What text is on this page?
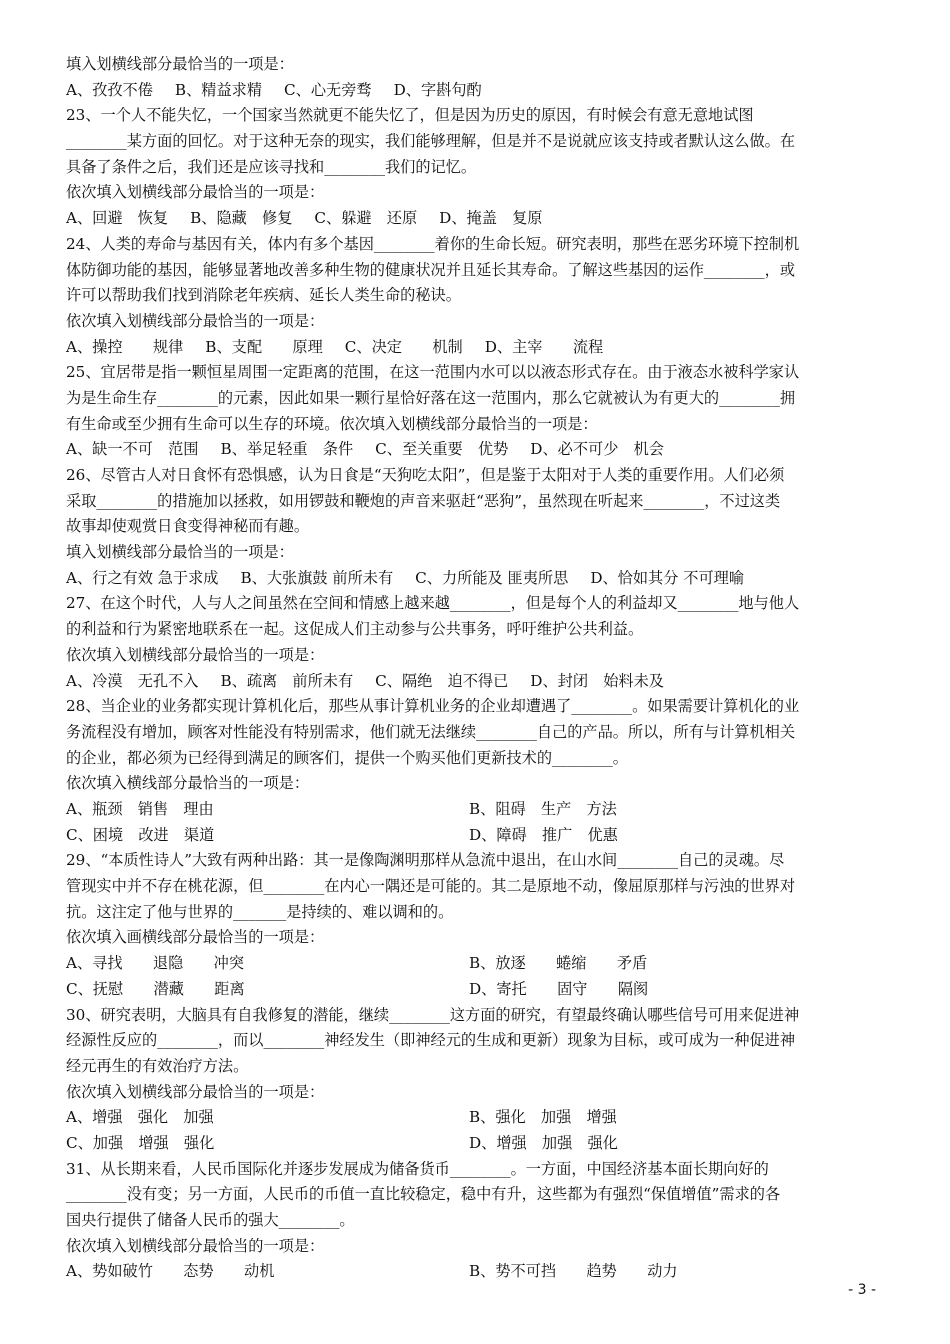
填入划横线部分最恰当的一项是：
A、孜孜不倦 B、精益求精 C、心无旁骛 D、字斟句酌
23、一个人不能失忆，一个国家当然就更不能失忆了，但是因为历史的原因，有时候会有意无意地试图
________某方面的回忆。对于这种无奈的现实，我们能够理解，但是并不是说就应该支持或者默认这么做。在
具备了条件之后，我们还是应该寻找和________我们的记忆。
依次填入划横线部分最恰当的一项是：
A、回避　恢复 B、隐藏　修复 C、躲避　还原 D、掩盖　复原
24、人类的寿命与基因有关，体内有多个基因________着你的生命长短。研究表明，那些在恶劣环境下控制机
体防御功能的基因，能够显著地改善多种生物的健康状况并且延长其寿命。了解这些基因的运作________，或
许可以帮助我们找到消除老年疾病、延长人类生命的秘诀。
依次填入划横线部分最恰当的一项是：
A、操控　　规律 B、支配　　原理 C、决定　　机制 D、主宰　　流程
25、宜居带是指一颗恒星周围一定距离的范围，在这一范围内水可以以液态形式存在。由于液态水被科学家认
为是生命生存________的元素，因此如果一颗行星恰好落在这一范围内，那么它就被认为有更大的________拥
有生命或至少拥有生命可以生存的环境。依次填入划横线部分最恰当的一项是：
A、缺一不可　范围 B、举足轻重　条件 C、至关重要　优势 D、必不可少　机会
26、尽管古人对日食怀有恐惧感，认为日食是“天狗吃太阳”，但是鉴于太阳对于人类的重要作用。人们必须
采取________的措施加以拯救，如用锣鼓和鞭炮的声音来驱赶“恶狗”，虽然现在听起来________，不过这类
故事却使观赏日食变得神秘而有趣。
填入划横线部分最恰当的一项是：
A、行之有效 急于求成 B、大张旗鼓 前所未有 C、力所能及 匪夷所思 D、恰如其分 不可理喻
27、在这个时代，人与人之间虽然在空间和情感上越来越________，但是每个人的利益却又________地与他人
的利益和行为紧密地联系在一起。这促成人们主动参与公共事务，呼吁维护公共利益。
依次填入划横线部分最恰当的一项是：
A、冷漠　无孔不入 B、疏离　前所未有 C、隔绝　迫不得已 D、封闭　始料未及
28、当企业的业务都实现计算机化后，那些从事计算机业务的企业却遭遇了________。如果需要计算机化的业
务流程没有增加，顾客对性能没有特别需求，他们就无法继续________自己的产品。所以，所有与计算机相关
的企业，都必须为已经得到满足的顾客们，提供一个购买他们更新技术的________。
依次填入横线部分最恰当的一项是：
A、瓶颈　销售　理由	B、阻碍　生产　方法
C、困境　改进　渠道	D、障碍　推广　优惠
29、“本质性诗人”大致有两种出路：其一是像陶渊明那样从急流中退出，在山水间________自己的灵魂。尽
管现实中并不存在桃花源，但________在内心一隅还是可能的。其二是原地不动，像屈原那样与污浊的世界对
抗。这注定了他与世界的_______是持续的、难以调和的。
依次填入画横线部分最恰当的一项是：
A、寻找　　退隐　　冲突	B、放逐　　蜷缩　　矛盾
C、抚慰　　潜藏　　距离	D、寄托　　固守　　隔阂
30、研究表明，大脑具有自我修复的潜能，继续________这方面的研究，有望最终确认哪些信号可用来促进神
经源性反应的________，而以________神经发生（即神经元的生成和更新）现象为目标，或可成为一种促进神
经元再生的有效治疗方法。
依次填入划横线部分最恰当的一项是：
A、增强　强化　加强	B、强化　加强　增强
C、加强　增强　强化	D、增强　加强　强化
31、从长期来看，人民币国际化并逐步发展成为储备货币________。一方面，中国经济基本面长期向好的
________没有变；另一方面，人民币的币值一直比较稳定，稳中有升，这些都为有强烈“保值增值”需求的各
国央行提供了储备人民币的强大________。
依次填入划横线部分最恰当的一项是：
A、势如破竹　　态势　　动机	B、势不可挡　　趋势　　动力
- 3 -
